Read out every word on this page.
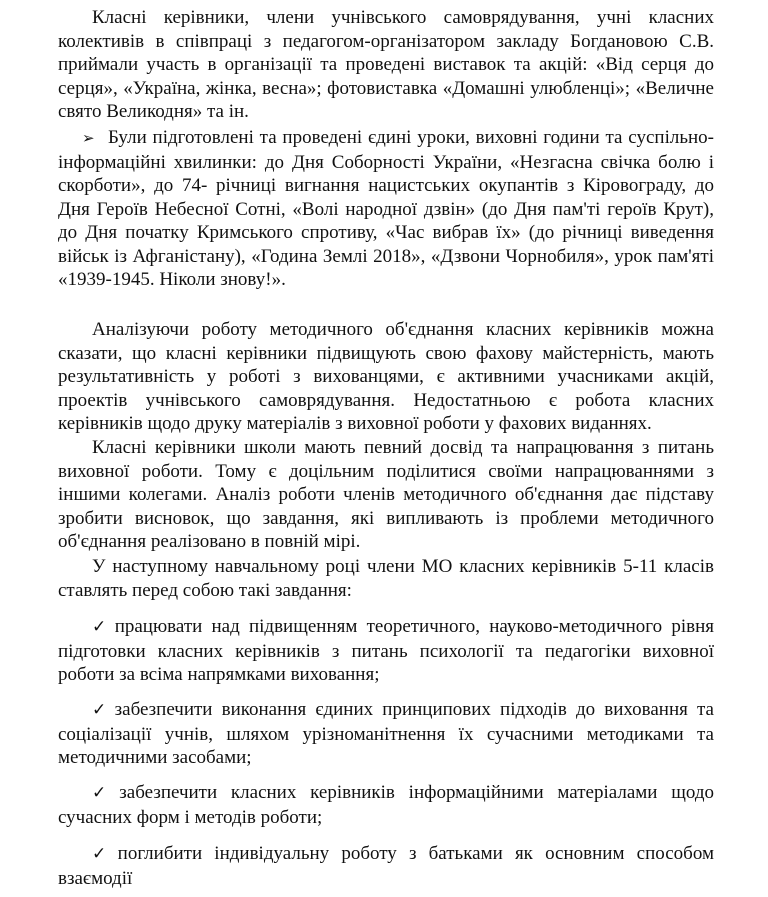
Класні керівники, члени учнівського самоврядування, учні класних колективів в співпраці з педагогом-організатором закладу Богдановою С.В. приймали участь в організації та проведені виставок та акцій: «Від серця до серця», «Україна, жінка, весна»; фотовиставка «Домашні улюбленці»; «Величне свято Великодня» та ін.

➢ Були підготовлені та проведені єдині уроки, виховні години та суспільно-інформаційні хвилинки: до Дня Соборності України, «Незгасна свічка болю і скорботи», до 74- річниці вигнання нацистських окупантів з Кіровограду, до Дня Героїв Небесної Сотні, «Волі народної дзвін» (до Дня пам'ті героїв Крут), до Дня початку Кримського спротиву, «Час вибрав їх» (до річниці виведення військ із Афганістану), «Година Землі 2018», «Дзвони Чорнобиля», урок пам'яті «1939-1945. Ніколи знову!».

Аналізуючи роботу методичного об'єднання класних керівників можна сказати, що класні керівники підвищують свою фахову майстерність, мають результативність у роботі з вихованцями, є активними учасниками акцій, проектів учнівського самоврядування. Недостатньою є робота класних керівників щодо друку матеріалів з виховної роботи у фахових виданнях.

Класні керівники школи мають певний досвід та напрацювання з питань виховної роботи. Тому є доцільним поділитися своїми напрацюваннями з іншими колегами. Аналіз роботи членів методичного об'єднання дає підставу зробити висновок, що завдання, які випливають із проблеми методичного об'єднання реалізовано в повній мірі.

У наступному навчальному році члени МО класних керівників 5-11 класів ставлять перед собою такі завдання:

✓ працювати над підвищенням теоретичного, науково-методичного рівня підготовки класних керівників з питань психології та педагогіки виховної роботи за всіма напрямками виховання;

✓ забезпечити виконання єдиних принципових підходів до виховання та соціалізації учнів, шляхом урізноманітнення їх сучасними методиками та методичними засобами;

✓ забезпечити класних керівників інформаційними матеріалами щодо сучасних форм і методів роботи;

✓ поглибити індивідуальну роботу з батьками як основним способом взаємодії
